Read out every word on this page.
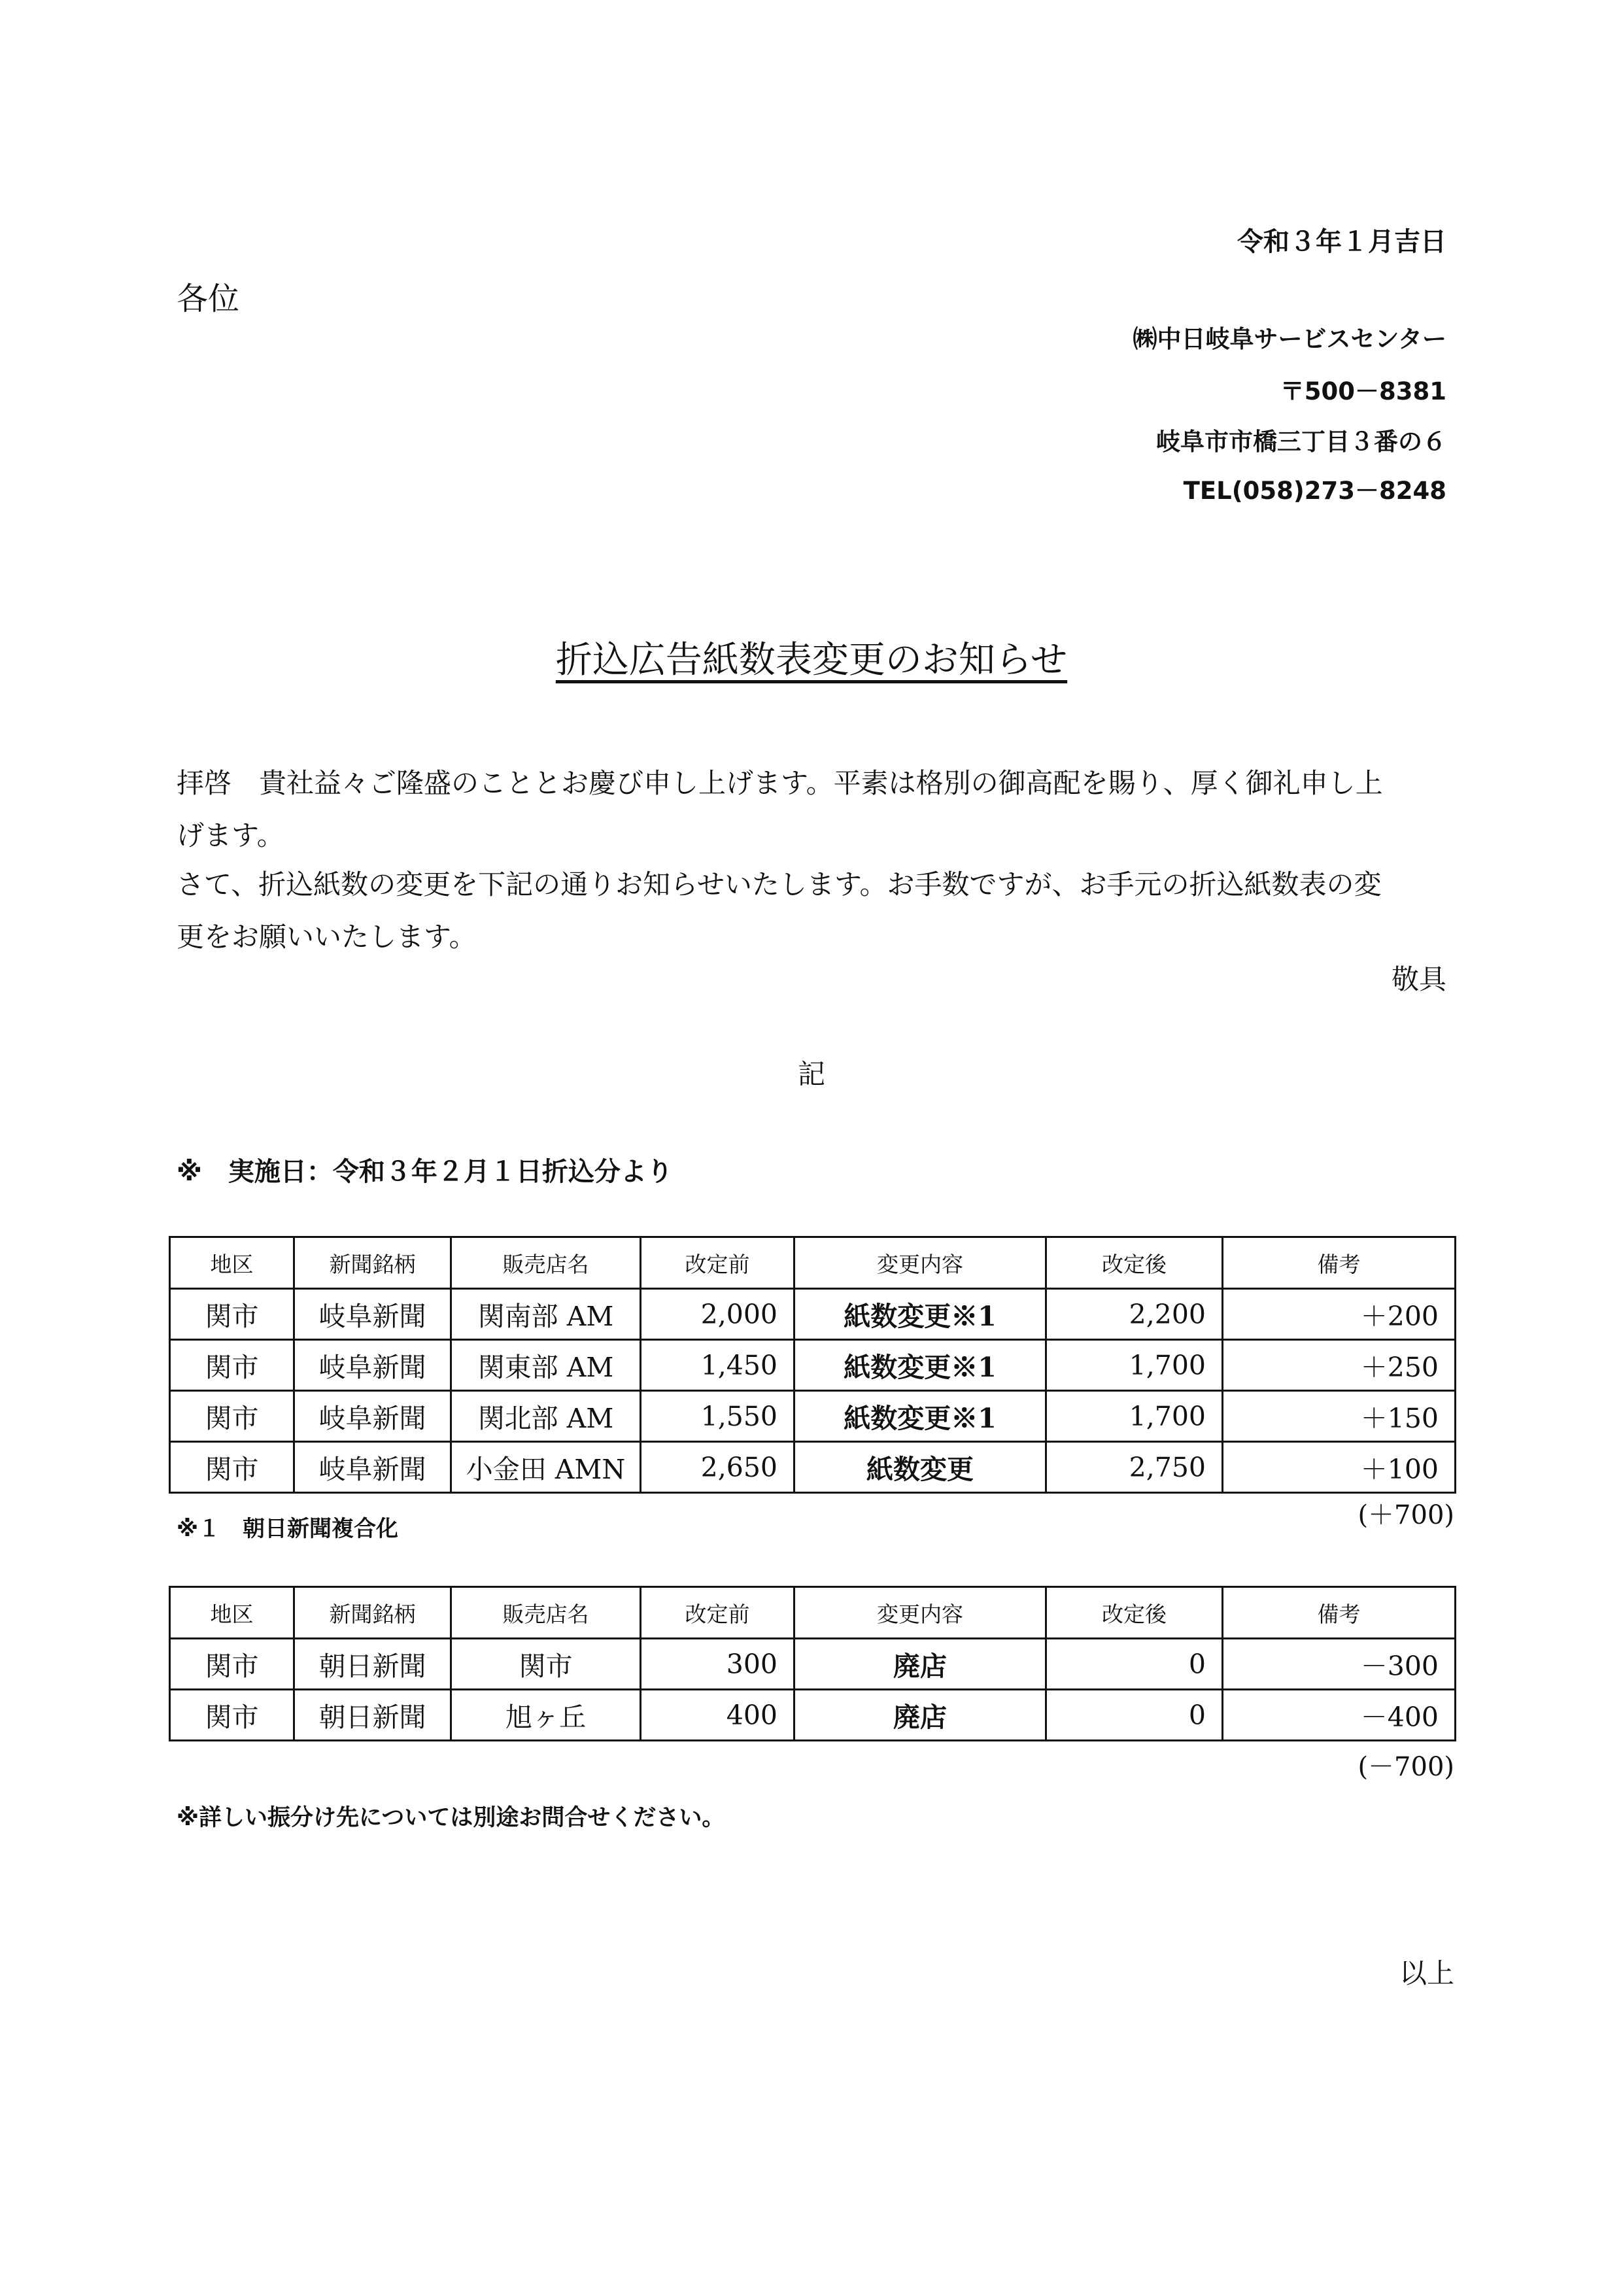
令和３年１月吉日
各位
㈱中日岐阜サービスセンター
〒500－8381
岐阜市市橋三丁目３番の６
TEL(058)273－8248
折込広告紙数表変更のお知らせ
拝啓　貴社益々ご隆盛のこととお慶び申し上げます。平素は格別の御高配を賜り、厚く御礼申し上
げます。
さて、折込紙数の変更を下記の通りお知らせいたします。お手数ですが、お手元の折込紙数表の変
更をお願いいたします。
敬具
記
※　実施日：令和３年２月１日折込分より
地区	新聞銘柄	販売店名	改定前	変更内容	改定後	備考
関市	岐阜新聞	関南部 AM	2,000	紙数変更※1	2,200	＋200
関市	岐阜新聞	関東部 AM	1,450	紙数変更※1	1,700	＋250
関市	岐阜新聞	関北部 AM	1,550	紙数変更※1	1,700	＋150
関市	岐阜新聞	小金田 AMN	2,650	紙数変更	2,750	＋100
(＋700)
※１　朝日新聞複合化
地区	新聞銘柄	販売店名	改定前	変更内容	改定後	備考
関市	朝日新聞	関市	300	廃店	0	－300
関市	朝日新聞	旭ヶ丘	400	廃店	0	－400
(－700)
※詳しい振分け先については別途お問合せください。
以上
